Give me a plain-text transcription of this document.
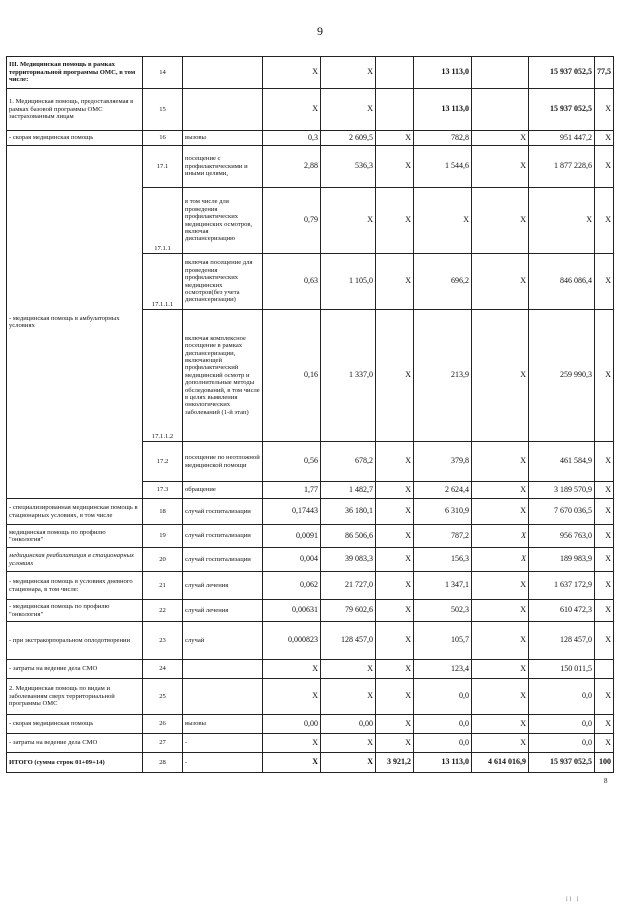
9
III. Медицинская помощь в рамках территориальной программы ОМС, в том числе:	14		X	X		13 113,0		15 937 052,5	77,5
1. Медицинская помощь, предоставляемая в рамках базовой программы ОМС застрахованным лицам	15		X	X		13 113,0		15 937 052,5	X
- скорая медицинская помощь	16	вызовы	0,3	2 609,5	X	782,8	X	951 447,2	X
- медицинская помощь в амбулаторных условиях	17.1	посещение с профилактическими и иными целями,	2,88	536,3	X	1 544,6	X	1 877 228,6	X
	17.1.1	в том числе для проведения профилактических медицинских осмотров, включая диспансеризацию	0,79	X	X	X	X	X	X
	17.1.1.1	включая посещение для проведения профилактических медицинских осмотров(без учета диспансеризации)	0,63	1 105,0	X	696,2	X	846 086,4	X
	17.1.1.2	включая комплексное посещение в рамках диспансеризации, включающей профилактический медицинский осмотр и дополнительные методы обследований, в том числе в целях выявления онкологических заболеваний (1-й этап)	0,16	1 337,0	X	213,9	X	259 990,3	X
	17.2	посещение по неотложной медицинской помощи	0,56	678,2	X	379,8	X	461 584,9	X
	17.3	обращение	1,77	1 482,7	X	2 624,4	X	3 189 570,9	X
- специализированная медицинская помощь в стационарных условиях, в том числе	18	случай госпитализации	0,17443	36 180,1	X	6 310,9	X	7 670 036,5	X
медицинская помощь по профилю "онкология"	19	случай госпитализации	0,0091	86 506,6	X	787,2	X	956 763,0	X
медицинская реабилитация в стационарных условиях	20	случай госпитализации	0,004	39 083,3	X	156,3	X	189 983,9	X
- медицинская помощь в условиях дневного стационара, в том числе:	21	случай лечения	0,062	21 727,0	X	1 347,1	X	1 637 172,9	X
- медицинская помощь по профилю "онкология"	22	случай лечения	0,00631	79 602,6	X	502,3	X	610 472,3	X
- при экстракорпоральном оплодотворении	23	случай	0,000823	128 457,0	X	105,7	X	128 457,0	X
- затраты на ведение дела СМО	24		X	X	X	123,4	X	150 011,5	
2. Медицинская помощь по видам и заболеваниям сверх территориальной программы ОМС	25		X	X	X	0,0	X	0,0	X
- скорая медицинская помощь	26	вызовы	0,00	0,00	X	0,0	X	0,0	X
- затраты на ведение дела СМО	27	-	X	X	X	0,0	X	0,0	X
ИТОГО (сумма строк 01+09+14)	28	-	X	X	3 921,2	13 113,0	4 614 016,9	15 937 052,5	100
8
ll l
